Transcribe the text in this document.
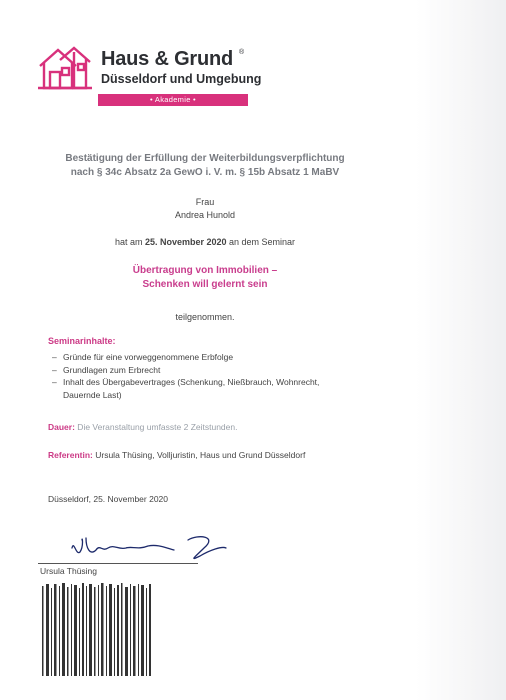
Haus & Grund ®
Düsseldorf und Umgebung
• Akademie •
Bestätigung der Erfüllung der Weiterbildungsverpflichtung
nach § 34c Absatz 2a GewO i. V. m. § 15b Absatz 1 MaBV
Frau
Andrea Hunold
hat am 25. November 2020 an dem Seminar
Übertragung von Immobilien –
Schenken will gelernt sein
teilgenommen.
Seminarinhalte:
– Gründe für eine vorweggenommene Erbfolge
– Grundlagen zum Erbrecht
– Inhalt des Übergabevertrages (Schenkung, Nießbrauch, Wohnrecht, Dauernde Last)
Dauer: Die Veranstaltung umfasste 2 Zeitstunden.
Referentin: Ursula Thüsing, Volljuristin, Haus und Grund Düsseldorf
Düsseldorf, 25. November 2020
Ursula Thüsing
